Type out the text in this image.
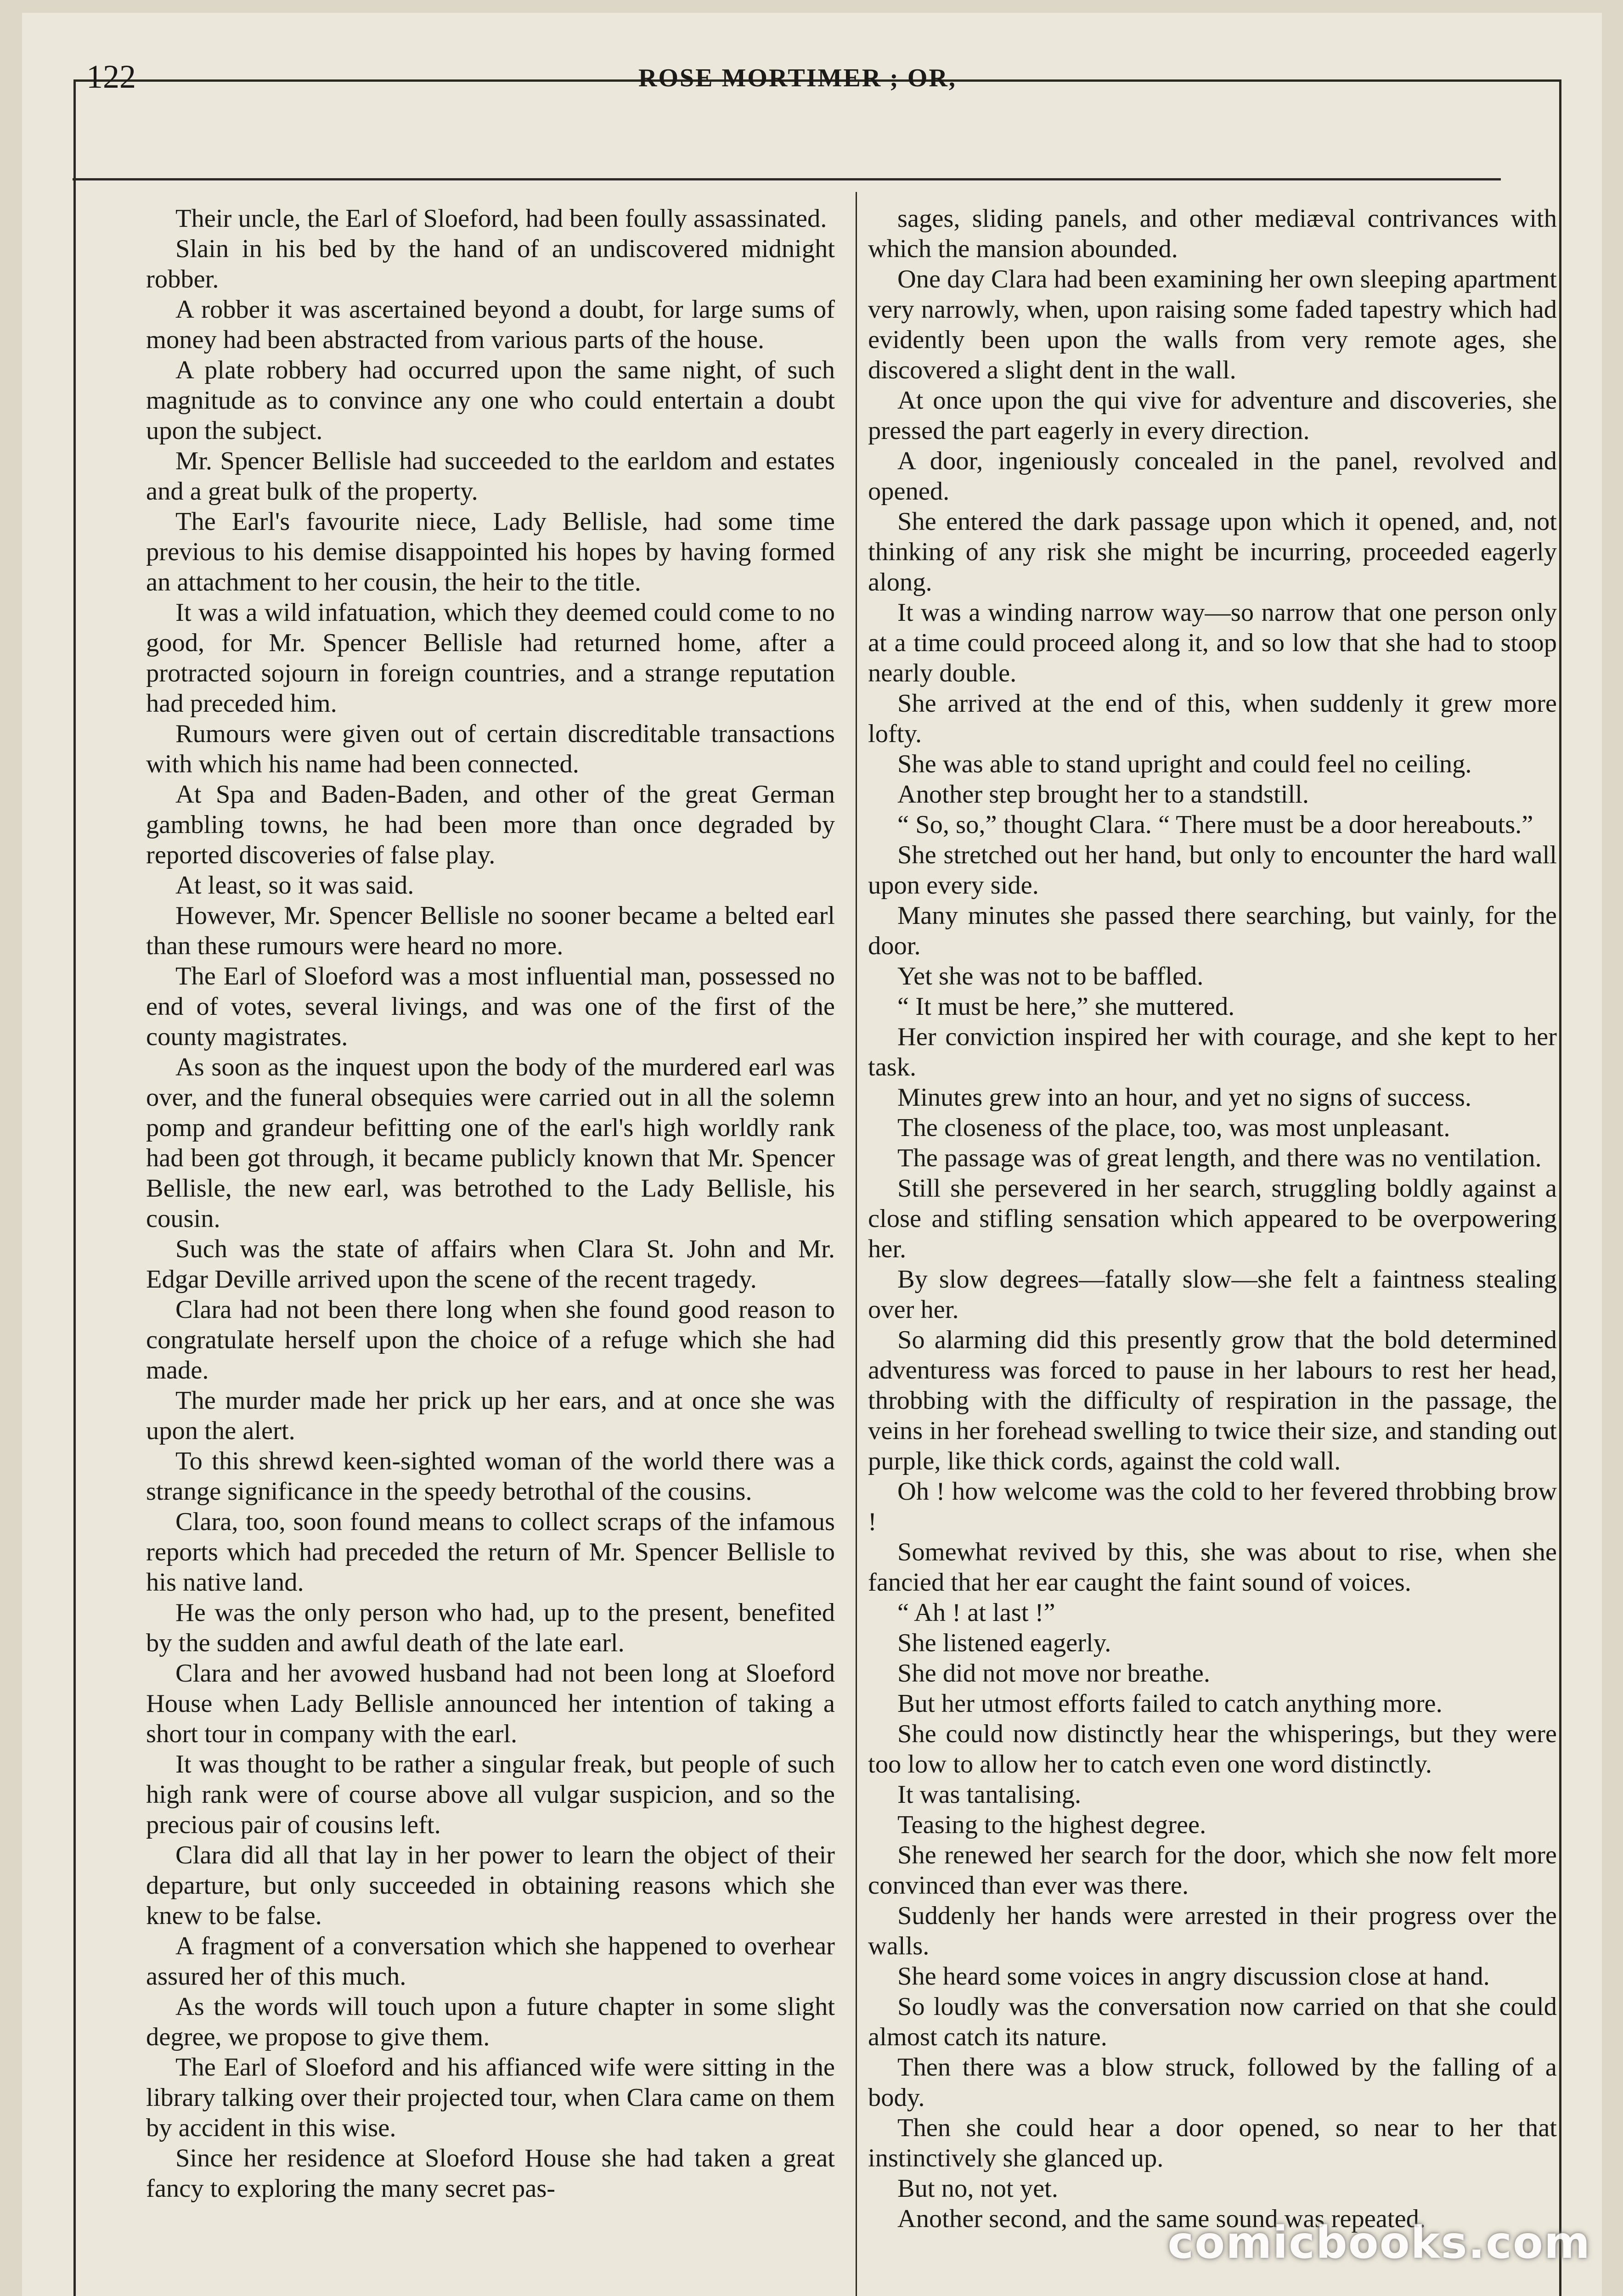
122	ROSE MORTIMER ; OR,

Their uncle, the Earl of Sloeford, had been foully assassinated.

Slain in his bed by the hand of an undiscovered midnight robber.

A robber it was ascertained beyond a doubt, for large sums of money had been abstracted from various parts of the house.

A plate robbery had occurred upon the same night, of such magnitude as to convince any one who could entertain a doubt upon the subject.

Mr. Spencer Bellisle had succeeded to the earldom and estates and a great bulk of the property.

The Earl's favourite niece, Lady Bellisle, had some time previous to his demise disappointed his hopes by having formed an attachment to her cousin, the heir to the title.

It was a wild infatuation, which they deemed could come to no good, for Mr. Spencer Bellisle had returned home, after a protracted sojourn in foreign countries, and a strange reputation had preceded him.

Rumours were given out of certain discreditable transactions with which his name had been connected.

At Spa and Baden-Baden, and other of the great German gambling towns, he had been more than once degraded by reported discoveries of false play.

At least, so it was said.

However, Mr. Spencer Bellisle no sooner became a belted earl than these rumours were heard no more.

The Earl of Sloeford was a most influential man, possessed no end of votes, several livings, and was one of the first of the county magistrates.

As soon as the inquest upon the body of the murdered earl was over, and the funeral obsequies were carried out in all the solemn pomp and grandeur befitting one of the earl's high worldly rank had been got through, it became publicly known that Mr. Spencer Bellisle, the new earl, was betrothed to the Lady Bellisle, his cousin.

Such was the state of affairs when Clara St. John and Mr. Edgar Deville arrived upon the scene of the recent tragedy.

Clara had not been there long when she found good reason to congratulate herself upon the choice of a refuge which she had made.

The murder made her prick up her ears, and at once she was upon the alert.

To this shrewd keen-sighted woman of the world there was a strange significance in the speedy betrothal of the cousins.

Clara, too, soon found means to collect scraps of the infamous reports which had preceded the return of Mr. Spencer Bellisle to his native land.

He was the only person who had, up to the present, benefited by the sudden and awful death of the late earl.

Clara and her avowed husband had not been long at Sloeford House when Lady Bellisle announced her intention of taking a short tour in company with the earl.

It was thought to be rather a singular freak, but people of such high rank were of course above all vulgar suspicion, and so the precious pair of cousins left.

Clara did all that lay in her power to learn the object of their departure, but only succeeded in obtaining reasons which she knew to be false.

A fragment of a conversation which she happened to overhear assured her of this much.

As the words will touch upon a future chapter in some slight degree, we propose to give them.

The Earl of Sloeford and his affianced wife were sitting in the library talking over their projected tour, when Clara came on them by accident in this wise.

Since her residence at Sloeford House she had taken a great fancy to exploring the many secret pas-

sages, sliding panels, and other mediæval contrivances with which the mansion abounded.

One day Clara had been examining her own sleeping apartment very narrowly, when, upon raising some faded tapestry which had evidently been upon the walls from very remote ages, she discovered a slight dent in the wall.

At once upon the qui vive for adventure and discoveries, she pressed the part eagerly in every direction.

A door, ingeniously concealed in the panel, revolved and opened.

She entered the dark passage upon which it opened, and, not thinking of any risk she might be incurring, proceeded eagerly along.

It was a winding narrow way—so narrow that one person only at a time could proceed along it, and so low that she had to stoop nearly double.

She arrived at the end of this, when suddenly it grew more lofty.

She was able to stand upright and could feel no ceiling.

Another step brought her to a standstill.

“ So, so,” thought Clara. “ There must be a door hereabouts.”

She stretched out her hand, but only to encounter the hard wall upon every side.

Many minutes she passed there searching, but vainly, for the door.

Yet she was not to be baffled.

“ It must be here,” she muttered.

Her conviction inspired her with courage, and she kept to her task.

Minutes grew into an hour, and yet no signs of success.

The closeness of the place, too, was most unpleasant.

The passage was of great length, and there was no ventilation.

Still she persevered in her search, struggling boldly against a close and stifling sensation which appeared to be overpowering her.

By slow degrees—fatally slow—she felt a faintness stealing over her.

So alarming did this presently grow that the bold determined adventuress was forced to pause in her labours to rest her head, throbbing with the difficulty of respiration in the passage, the veins in her forehead swelling to twice their size, and standing out purple, like thick cords, against the cold wall.

Oh ! how welcome was the cold to her fevered throbbing brow !

Somewhat revived by this, she was about to rise, when she fancied that her ear caught the faint sound of voices.

“ Ah ! at last !”

She listened eagerly.

She did not move nor breathe.

But her utmost efforts failed to catch anything more.

She could now distinctly hear the whisperings, but they were too low to allow her to catch even one word distinctly.

It was tantalising.

Teasing to the highest degree.

She renewed her search for the door, which she now felt more convinced than ever was there.

Suddenly her hands were arrested in their progress over the walls.

She heard some voices in angry discussion close at hand.

So loudly was the conversation now carried on that she could almost catch its nature.

Then there was a blow struck, followed by the falling of a body.

Then she could hear a door opened, so near to her that instinctively she glanced up.

But no, not yet.

Another second, and the same sound was repeated.

comicbooks.com
